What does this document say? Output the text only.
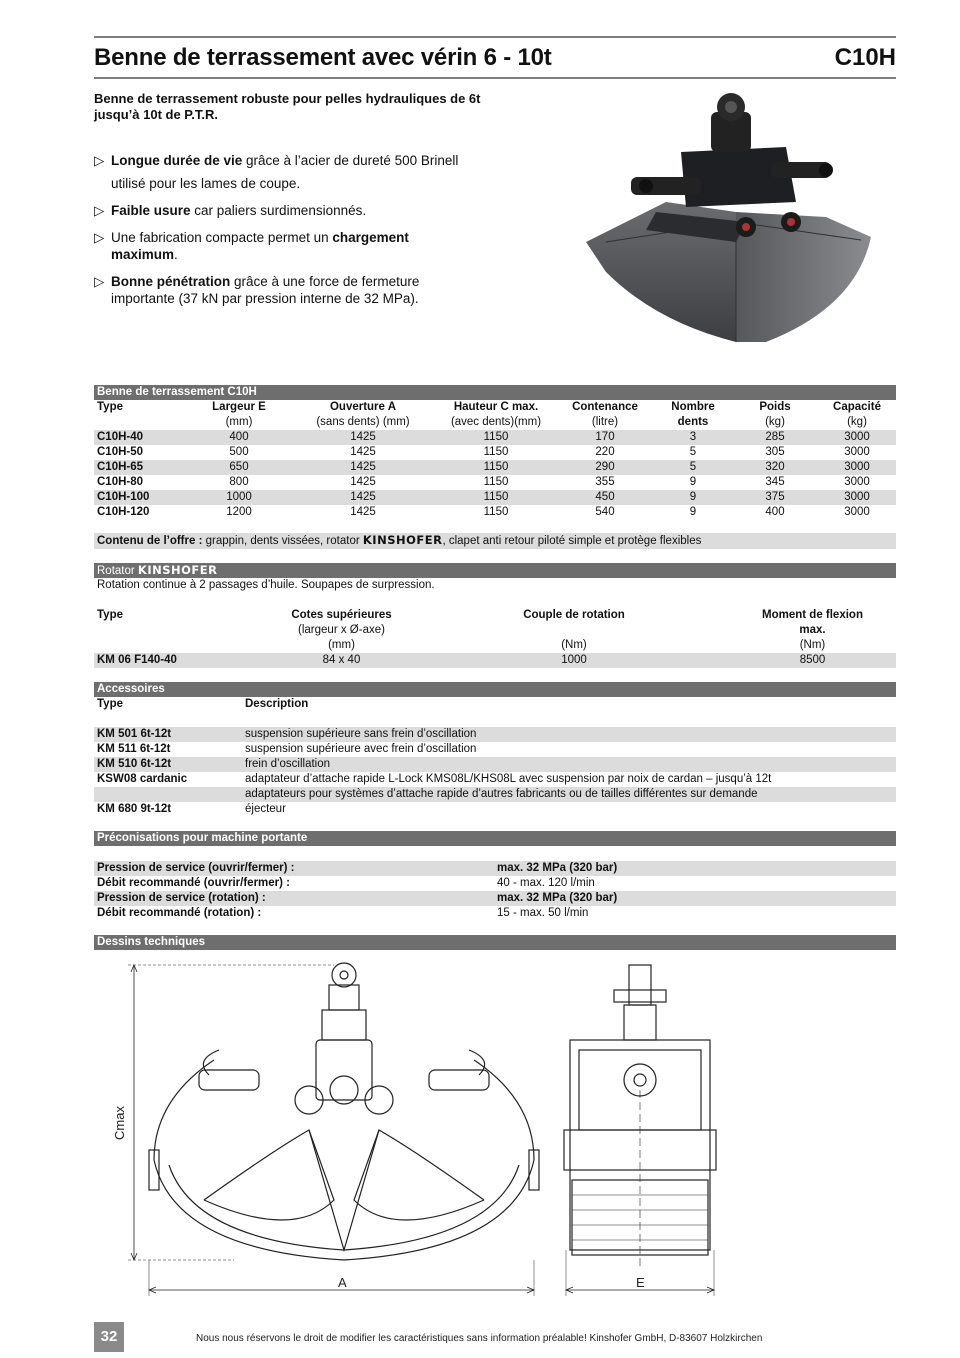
Benne de terrassement avec vérin 6 - 10t	C10H
Benne de terrassement robuste pour pelles hydrauliques de 6t
jusqu’à 10t de P.T.R.
▷ Longue durée de vie grâce à l’acier de dureté 500 Brinell
utilisé pour les lames de coupe.
▷ Faible usure car paliers surdimensionnés.
▷ Une fabrication compacte permet un chargement
maximum.
▷ Bonne pénétration grâce à une force de fermeture
importante (37 kN par pression interne de 32 MPa).
Benne de terrassement C10H
Type	Largeur E	Ouverture A	Hauteur C max.	Contenance	Nombre	Poids	Capacité
	(mm)	(sans dents) (mm)	(avec dents)(mm)	(litre)	dents	(kg)	(kg)
C10H-40	400	1425	1150	170	3	285	3000
C10H-50	500	1425	1150	220	5	305	3000
C10H-65	650	1425	1150	290	5	320	3000
C10H-80	800	1425	1150	355	9	345	3000
C10H-100	1000	1425	1150	450	9	375	3000
C10H-120	1200	1425	1150	540	9	400	3000
Contenu de l’offre : grappin, dents vissées, rotator KINSHOFER, clapet anti retour piloté simple et protège flexibles
Rotator KINSHOFER
Rotation continue à 2 passages d’huile. Soupapes de surpression.			

Type	Cotes supérieures	Couple de rotation	Moment de flexion
	(largeur x Ø-axe)		max.
	(mm)	(Nm)	(Nm)
KM 06 F140-40	84 x 40	1000	8500
Accessoires
Type	Description

KM 501 6t-12t	suspension supérieure sans frein d’oscillation
KM 511 6t-12t	suspension supérieure avec frein d’oscillation
KM 510 6t-12t	frein d’oscillation
KSW08 cardanic	adaptateur d’attache rapide L-Lock KMS08L/KHS08L avec suspension par noix de cardan – jusqu’à 12t
	adaptateurs pour systèmes d’attache rapide d’autres fabricants ou de tailles différentes sur demande
KM 680 9t-12t	éjecteur
Préconisations pour machine portante

Pression de service (ouvrir/fermer) :	max. 32 MPa (320 bar)
Débit recommandé (ouvrir/fermer) :	40 - max. 120 l/min
Pression de service (rotation) :	max. 32 MPa (320 bar)
Débit recommandé (rotation) :	15 - max. 50 l/min
Dessins techniques
Cmax
A	E
32	Nous nous réservons le droit de modifier les caractéristiques sans information préalable! Kinshofer GmbH, D-83607 Holzkirchen
